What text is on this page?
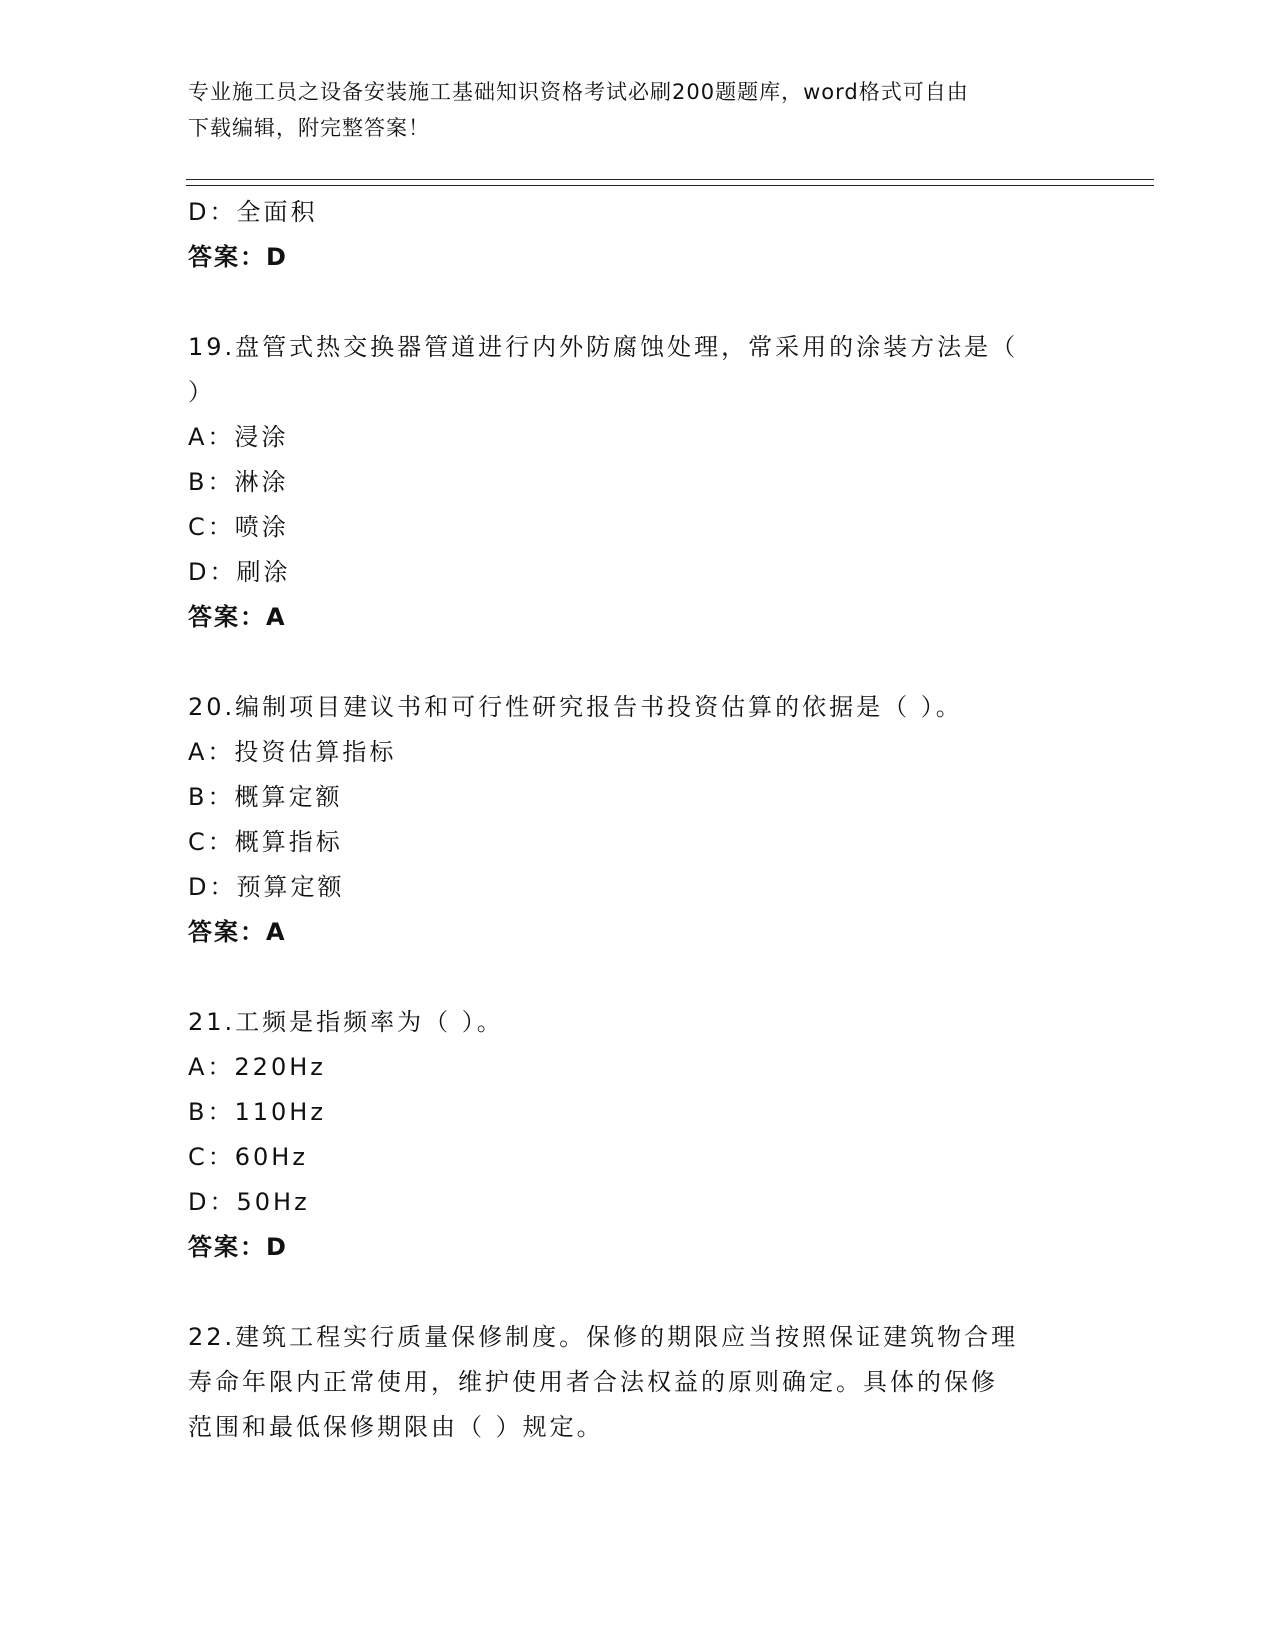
专业施工员之设备安装施工基础知识资格考试必刷200题题库，word格式可自由
下载编辑，附完整答案！
D：全面积
答案：D
19.盘管式热交换器管道进行内外防腐蚀处理，常采用的涂装方法是（
）
A：浸涂
B：淋涂
C：喷涂
D：刷涂
答案：A
20.编制项目建议书和可行性研究报告书投资估算的依据是（ ）。
A：投资估算指标
B：概算定额
C：概算指标
D：预算定额
答案：A
21.工频是指频率为（ ）。
A：220Hz
B：110Hz
C：60Hz
D：50Hz
答案：D
22.建筑工程实行质量保修制度。保修的期限应当按照保证建筑物合理
寿命年限内正常使用，维护使用者合法权益的原则确定。具体的保修
范围和最低保修期限由（ ）规定。
